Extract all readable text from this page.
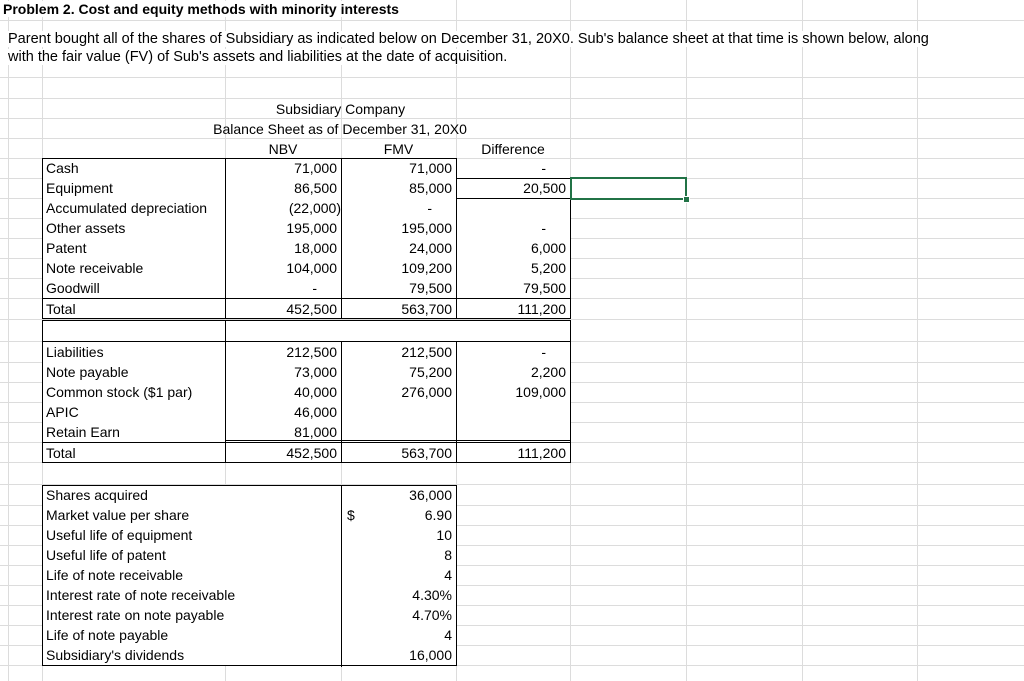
Problem 2. Cost and equity methods with minority interests
Parent bought all of the shares of Subsidiary as indicated below on December 31, 20X0. Sub's balance sheet at that time is shown below, along
with the fair value (FV) of Sub's assets and liabilities at the date of acquisition.
Subsidiary Company
Balance Sheet as of December 31, 20X0
NBV	FMV	Difference
Cash	71,000	71,000	-
Equipment	86,500	85,000	20,500
Accumulated depreciation	(22,000)	-
Other assets	195,000	195,000	-
Patent	18,000	24,000	6,000
Note receivable	104,000	109,200	5,200
Goodwill	-	79,500	79,500
Total	452,500	563,700	111,200
Liabilities	212,500	212,500	-
Note payable	73,000	75,200	2,200
Common stock ($1 par)	40,000	276,000	109,000
APIC	46,000
Retain Earn	81,000
Total	452,500	563,700	111,200
Shares acquired	36,000
Market value per share	$	6.90
Useful life of equipment	10
Useful life of patent	8
Life of note receivable	4
Interest rate of note receivable	4.30%
Interest rate on note payable	4.70%
Life of note payable	4
Subsidiary's dividends	16,000
